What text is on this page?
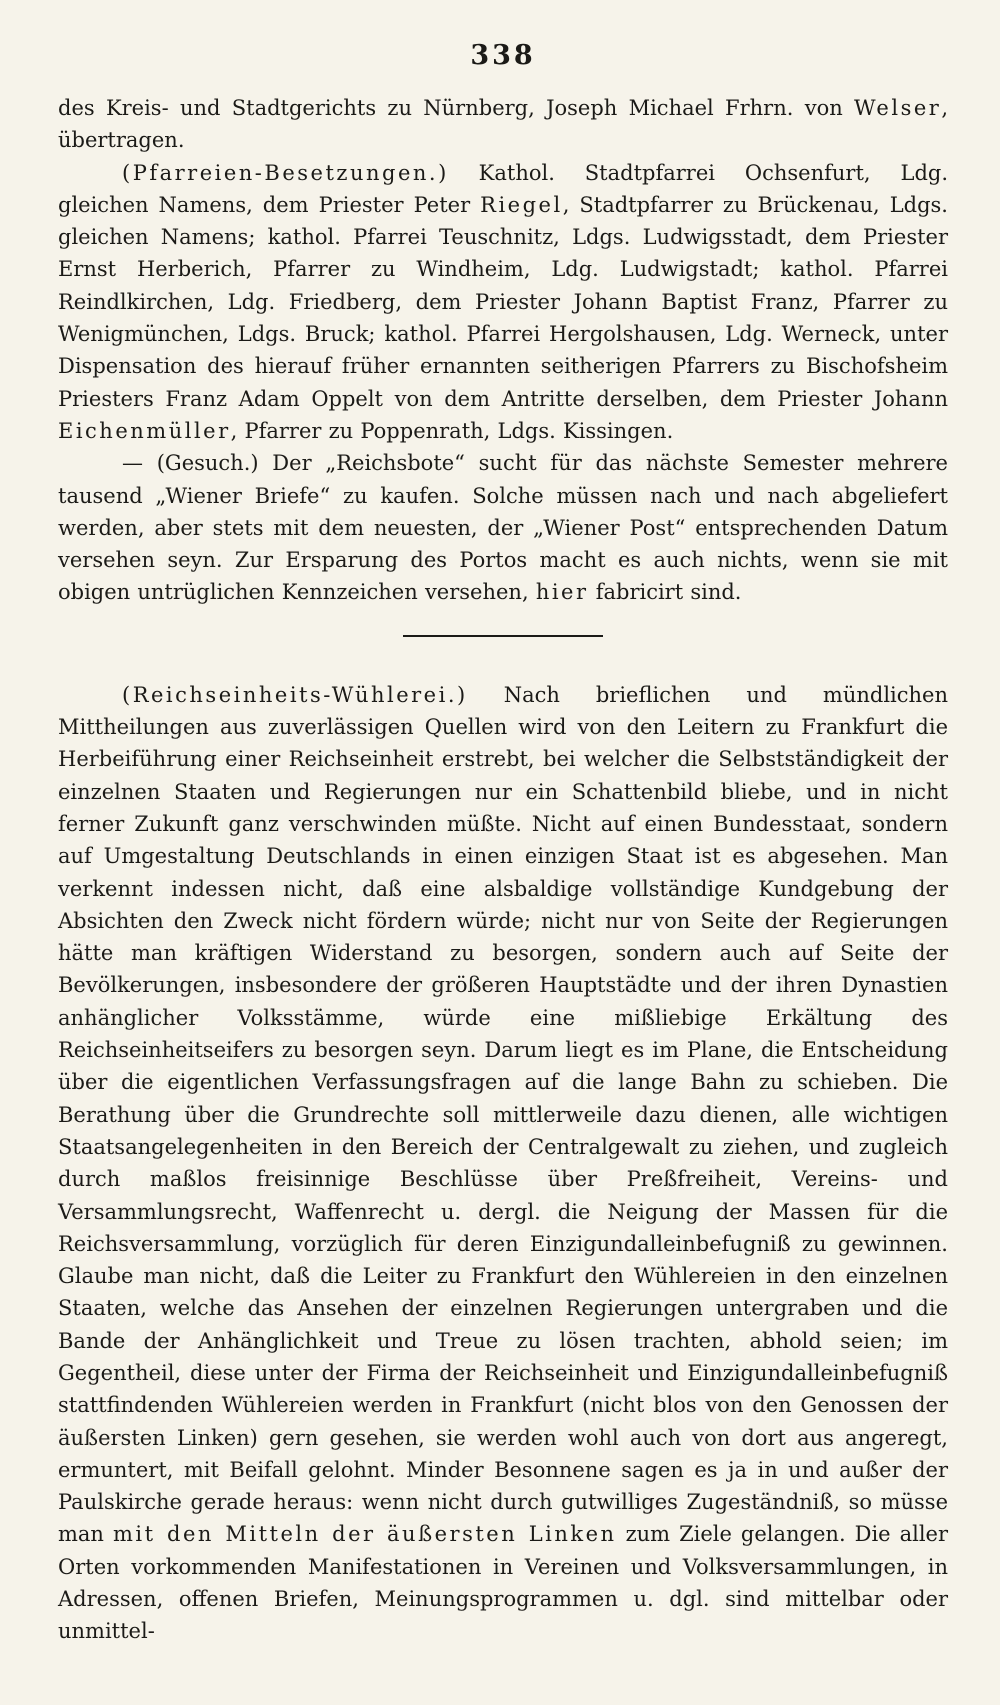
338

des Kreis- und Stadtgerichts zu Nürnberg, Joseph Michael Frhrn. von Welser, übertragen.

(Pfarreien-Besetzungen.) Kathol. Stadtpfarrei Ochsenfurt, Ldg. gleichen Namens, dem Priester Peter Riegel, Stadtpfarrer zu Brückenau, Ldgs. gleichen Namens; kathol. Pfarrei Teuschnitz, Ldgs. Ludwigsstadt, dem Priester Ernst Herberich, Pfarrer zu Windheim, Ldg. Ludwigstadt; kathol. Pfarrei Reindlkirchen, Ldg. Friedberg, dem Priester Johann Baptist Franz, Pfarrer zu Wenigmünchen, Ldgs. Bruck; kathol. Pfarrei Hergolshausen, Ldg. Werneck, unter Dispensation des hierauf früher ernannten seitherigen Pfarrers zu Bischofsheim Priesters Franz Adam Oppelt von dem Antritte derselben, dem Priester Johann Eichenmüller, Pfarrer zu Poppenrath, Ldgs. Kissingen.

— (Gesuch.) Der „Reichsbote“ sucht für das nächste Semester mehrere tausend „Wiener Briefe“ zu kaufen. Solche müssen nach und nach abgeliefert werden, aber stets mit dem neuesten, der „Wiener Post“ entsprechenden Datum versehen seyn. Zur Ersparung des Portos macht es auch nichts, wenn sie mit obigen untrüglichen Kennzeichen versehen, hier fabricirt sind.

(Reichseinheits-Wühlerei.) Nach brieflichen und mündlichen Mittheilungen aus zuverlässigen Quellen wird von den Leitern zu Frankfurt die Herbeiführung einer Reichseinheit erstrebt, bei welcher die Selbstständigkeit der einzelnen Staaten und Regierungen nur ein Schattenbild bliebe, und in nicht ferner Zukunft ganz verschwinden müßte. Nicht auf einen Bundesstaat, sondern auf Umgestaltung Deutschlands in einen einzigen Staat ist es abgesehen. Man verkennt indessen nicht, daß eine alsbaldige vollständige Kundgebung der Absichten den Zweck nicht fördern würde; nicht nur von Seite der Regierungen hätte man kräftigen Widerstand zu besorgen, sondern auch auf Seite der Bevölkerungen, insbesondere der größeren Hauptstädte und der ihren Dynastien anhänglicher Volksstämme, würde eine mißliebige Erkältung des Reichseinheitseifers zu besorgen seyn. Darum liegt es im Plane, die Entscheidung über die eigentlichen Verfassungsfragen auf die lange Bahn zu schieben. Die Berathung über die Grundrechte soll mittlerweile dazu dienen, alle wichtigen Staatsangelegenheiten in den Bereich der Centralgewalt zu ziehen, und zugleich durch maßlos freisinnige Beschlüsse über Preßfreiheit, Vereins- und Versammlungsrecht, Waffenrecht u. dergl. die Neigung der Massen für die Reichsversammlung, vorzüglich für deren Einzigundalleinbefugniß zu gewinnen. Glaube man nicht, daß die Leiter zu Frankfurt den Wühlereien in den einzelnen Staaten, welche das Ansehen der einzelnen Regierungen untergraben und die Bande der Anhänglichkeit und Treue zu lösen trachten, abhold seien; im Gegentheil, diese unter der Firma der Reichseinheit und Einzigundalleinbefugniß stattfindenden Wühlereien werden in Frankfurt (nicht blos von den Genossen der äußersten Linken) gern gesehen, sie werden wohl auch von dort aus angeregt, ermuntert, mit Beifall gelohnt. Minder Besonnene sagen es ja in und außer der Paulskirche gerade heraus: wenn nicht durch gutwilliges Zugeständniß, so müsse man mit den Mitteln der äußersten Linken zum Ziele gelangen. Die aller Orten vorkommenden Manifestationen in Vereinen und Volksversammlungen, in Adressen, offenen Briefen, Meinungsprogrammen u. dgl. sind mittelbar oder unmittel-
